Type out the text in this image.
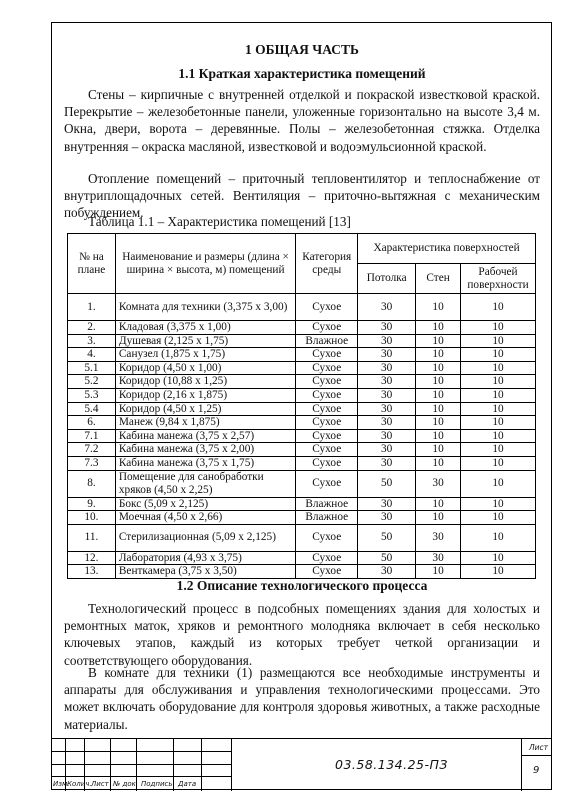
1 ОБЩАЯ ЧАСТЬ
1.1 Краткая характеристика помещений

Стены – кирпичные с внутренней отделкой и покраской известковой краской. Перекрытие – железобетонные панели, уложенные горизонтально на высоте 3,4 м. Окна, двери, ворота – деревянные. Полы – железобетонная стяжка. Отделка внутренняя – окраска масляной, известковой и водоэмульсионной краской.

Отопление помещений – приточный тепловентилятор и теплоснабжение от внутриплощадочных сетей. Вентиляция – приточно-вытяжная с механическим побуждением.

Таблица 1.1 – Характеристика помещений [13]
№ на плане	Наименование и размеры (длина × ширина × высота, м) помещений	Категория среды	Характеристика поверхностей		
			Потолка	Стен	Рабочей поверхности
1.	Комната для техники (3,375 х 3,00)	Сухое	30	10	10
2.	Кладовая (3,375 х 1,00)	Сухое	30	10	10
3.	Душевая (2,125 х 1,75)	Влажное	30	10	10
4.	Санузел (1,875 х 1,75)	Сухое	30	10	10
5.1	Коридор (4,50 х 1,00)	Сухое	30	10	10
5.2	Коридор (10,88 х 1,25)	Сухое	30	10	10
5.3	Коридор (2,16 х 1,875)	Сухое	30	10	10
5.4	Коридор (4,50 х 1,25)	Сухое	30	10	10
6.	Манеж (9,84 х 1,875)	Сухое	30	10	10
7.1	Кабина манежа (3,75 х 2,57)	Сухое	30	10	10
7.2	Кабина манежа (3,75 х 2,00)	Сухое	30	10	10
7.3	Кабина манежа (3,75 х 1,75)	Сухое	30	10	10
8.	Помещение для санобработки хряков (4,50 х 2,25)	Сухое	50	30	10
9.	Бокс (5,09 х 2,125)	Влажное	30	10	10
10.	Моечная (4,50 х 2,66)	Влажное	30	10	10
11.	Стерилизационная (5,09 х 2,125)	Сухое	50	30	10
12.	Лаборатория (4,93 х 3,75)	Сухое	50	30	10
13.	Венткамера (3,75 х 3,50)	Сухое	30	10	10
1.2 Описание технологического процесса

Технологический процесс в подсобных помещениях здания для холостых и ремонтных маток, хряков и ремонтного молодняка включает в себя несколько ключевых этапов, каждый из которых требует четкой организации и соответствующего оборудования.

В комнате для техники (1) размещаются все необходимые инструменты и аппараты для обслуживания и управления технологическими процессами. Это может включать оборудование для контроля здоровья животных, а также расходные материалы.

Изм.
Колич. Лист № док. Подпись Дата
03.58.134.25-ПЗ
Лист
9
